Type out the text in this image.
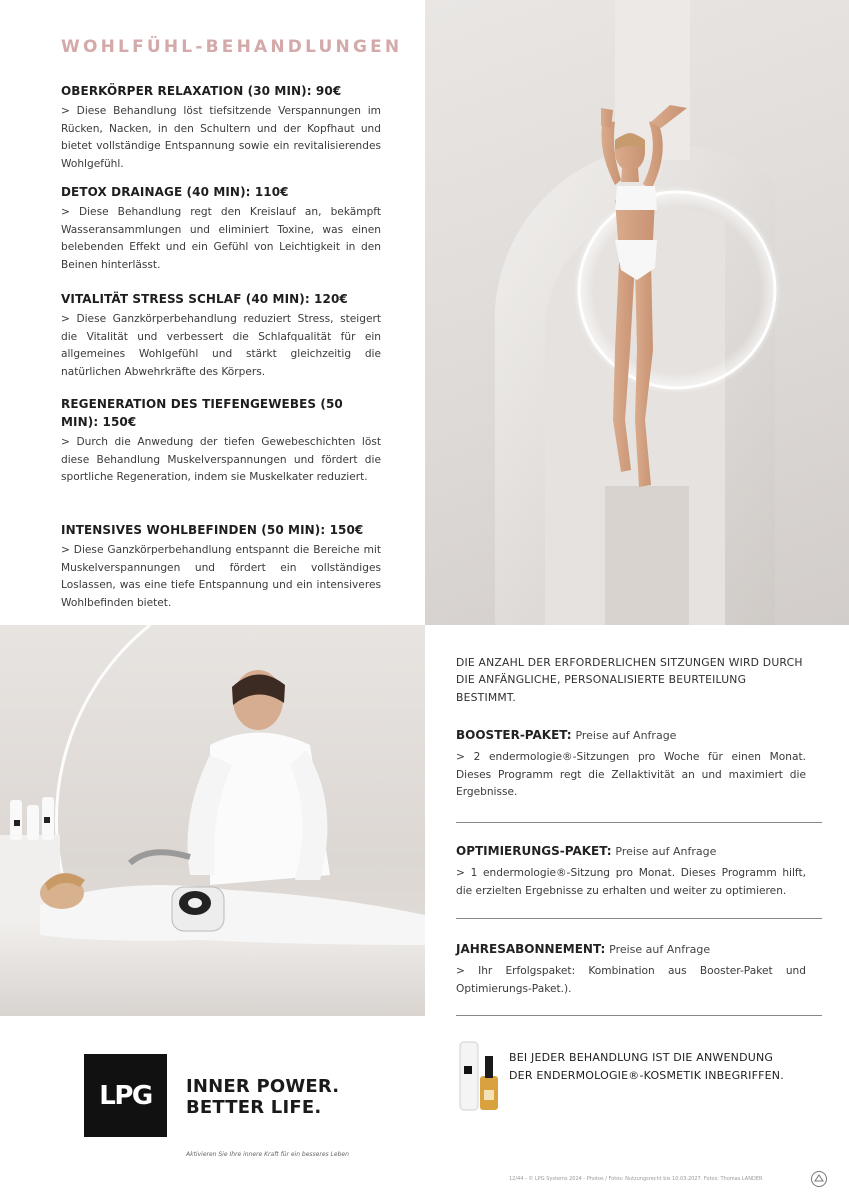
WOHLFÜHL-BEHANDLUNGEN
OBERKÖRPER RELAXATION (30 MIN): 90€

> Diese Behandlung löst tiefsitzende Verspannungen im Rücken, Nacken, in den Schultern und der Kopfhaut und bietet vollständige Entspannung sowie ein revitalisierendes Wohlgefühl.

DETOX DRAINAGE (40 MIN): 110€

> Diese Behandlung regt den Kreislauf an, bekämpft Wasseransammlungen und eliminiert Toxine, was einen belebenden Effekt und ein Gefühl von Leichtigkeit in den Beinen hinterlässt.

VITALITÄT STRESS SCHLAF (40 MIN): 120€

> Diese Ganzkörperbehandlung reduziert Stress, steigert die Vitalität und verbessert die Schlafqualität für ein allgemeines Wohlgefühl und stärkt gleichzeitig die natürlichen Abwehrkräfte des Körpers.

REGENERATION DES TIEFENGEWEBES (50 MIN): 150€

> Durch die Anwedung der tiefen Gewebeschichten löst diese Behandlung Muskelverspannungen und fördert die sportliche Regeneration, indem sie Muskelkater reduziert.

INTENSIVES WOHLBEFINDEN (50 MIN): 150€

> Diese Ganzkörperbehandlung entspannt die Bereiche mit Muskelverspannungen und fördert ein vollständiges Loslassen, was eine tiefe Entspannung und ein intensiveres Wohlbefinden bietet.

DIE ANZAHL DER ERFORDERLICHEN SITZUNGEN WIRD DURCH DIE ANFÄNGLICHE, PERSONALISIERTE BEURTEILUNG BESTIMMT.
BOOSTER-PAKET: Preise auf Anfrage

> 2 endermologie®-Sitzungen pro Woche für einen Monat. Dieses Programm regt die Zellaktivität an und maximiert die Ergebnisse.

OPTIMIERUNGS-PAKET: Preise auf Anfrage

> 1 endermologie®-Sitzung pro Monat. Dieses Programm hilft, die erzielten Ergebnisse zu erhalten und weiter zu optimieren.

JAHRESABONNEMENT: Preise auf Anfrage

> Ihr Erfolgspaket: Kombination aus Booster-Paket und Optimierungs-Paket.).

LPG INNER POWER.
BETTER LIFE.
Aktivieren Sie Ihre innere Kraft für ein besseres Leben
BEI JEDER BEHANDLUNG IST DIE ANWENDUNG
DER ENDERMOLOGIE®-KOSMETIK INBEGRIFFEN.
12/44 - © LPG Systems 2024 - Photos / Fotos: Nutzungsrecht bis 10.03.2027. Fotos: Thomas LANDER
